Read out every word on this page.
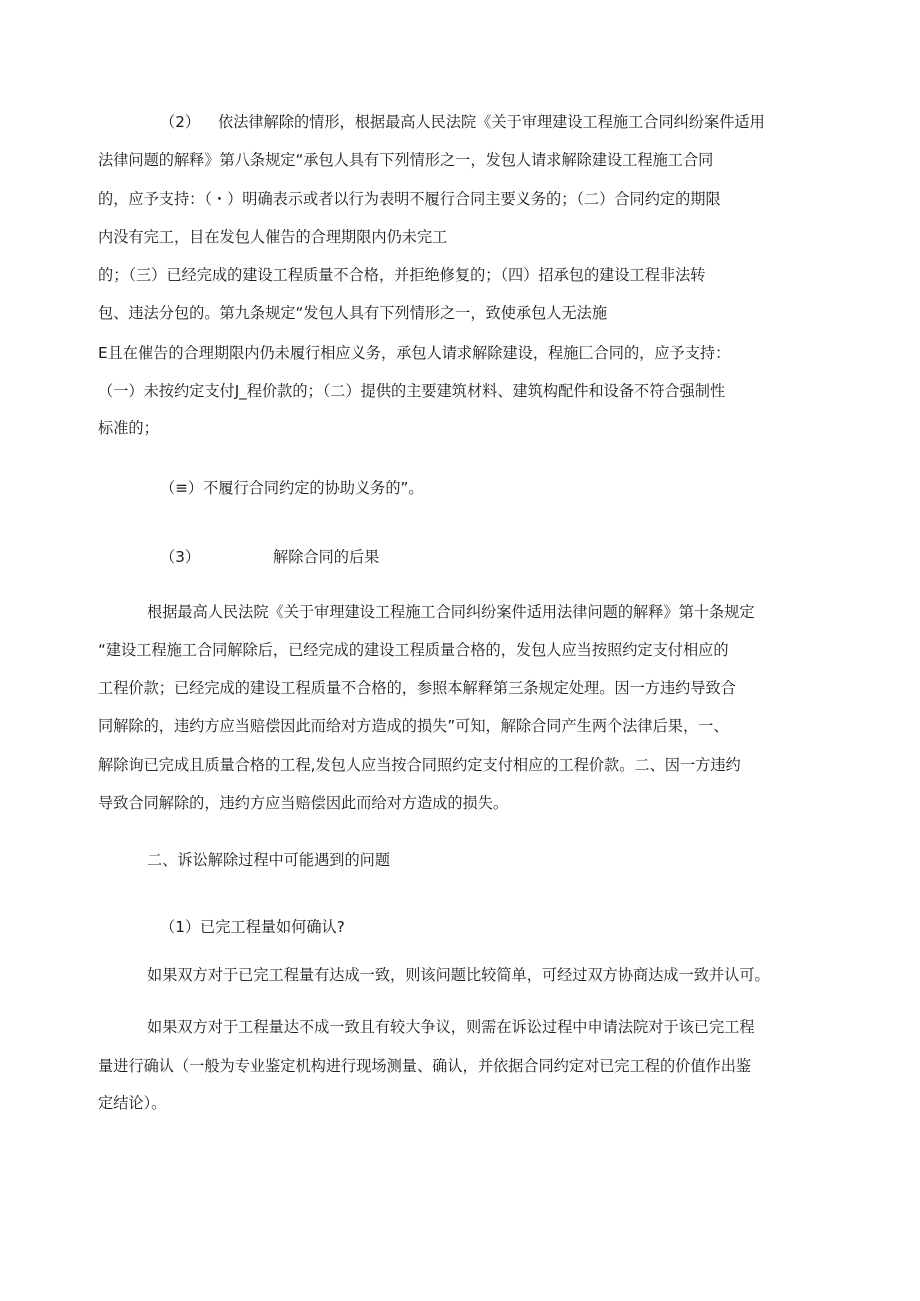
（2） 依法律解除的情形，根据最高人民法院《关于审理建设工程施工合同纠纷案件适用
法律问题的解释》第八条规定“承包人具有下列情形之一，发包人请求解除建设工程施工合同
的，应予支持：（・）明确表示或者以行为表明不履行合同主要义务的；（二）合同约定的期限
内没有完工，目在发包人催告的合理期限内仍未完工
的；（三）已经完成的建设工程质量不合格，并拒绝修复的；（四）招承包的建设工程非法转
包、违法分包的。第九条规定“发包人具有下列情形之一，致使承包人无法施
E且在催告的合理期限内仍未履行相应义务，承包人请求解除建设，程施匚合同的，应予支持：
（一）未按约定支付J_程价款的；（二）提供的主要建筑材料、建筑构配件和设备不符合强制性
标准的；
（≡）不履行合同约定的协助义务的”。
（3）	解除合同的后果
根据最高人民法院《关于审理建设工程施工合同纠纷案件适用法律问题的解释》第十条规定
“建设工程施工合同解除后，已经完成的建设工程质量合格的，发包人应当按照约定支付相应的
工程价款；已经完成的建设工程质量不合格的，参照本解释第三条规定处理。因一方违约导致合
同解除的，违约方应当赔偿因此而给对方造成的损失”可知，解除合同产生两个法律后果，一、
解除询已完成且质量合格的工程,发包人应当按合同照约定支付相应的工程价款。二、因一方违约
导致合同解除的，违约方应当赔偿因此而给对方造成的损失。
二、诉讼解除过程中可能遇到的问题
（1）已完工程量如何确认?
如果双方对于已完工程量有达成一致，则该问题比较简单，可经过双方协商达成一致并认可。
如果双方对于工程量达不成一致且有较大争议，则需在诉讼过程中申请法院对于该已完工程
量进行确认（一般为专业鉴定机构进行现场测量、确认，并依据合同约定对已完工程的价值作出鉴
定结论）。
